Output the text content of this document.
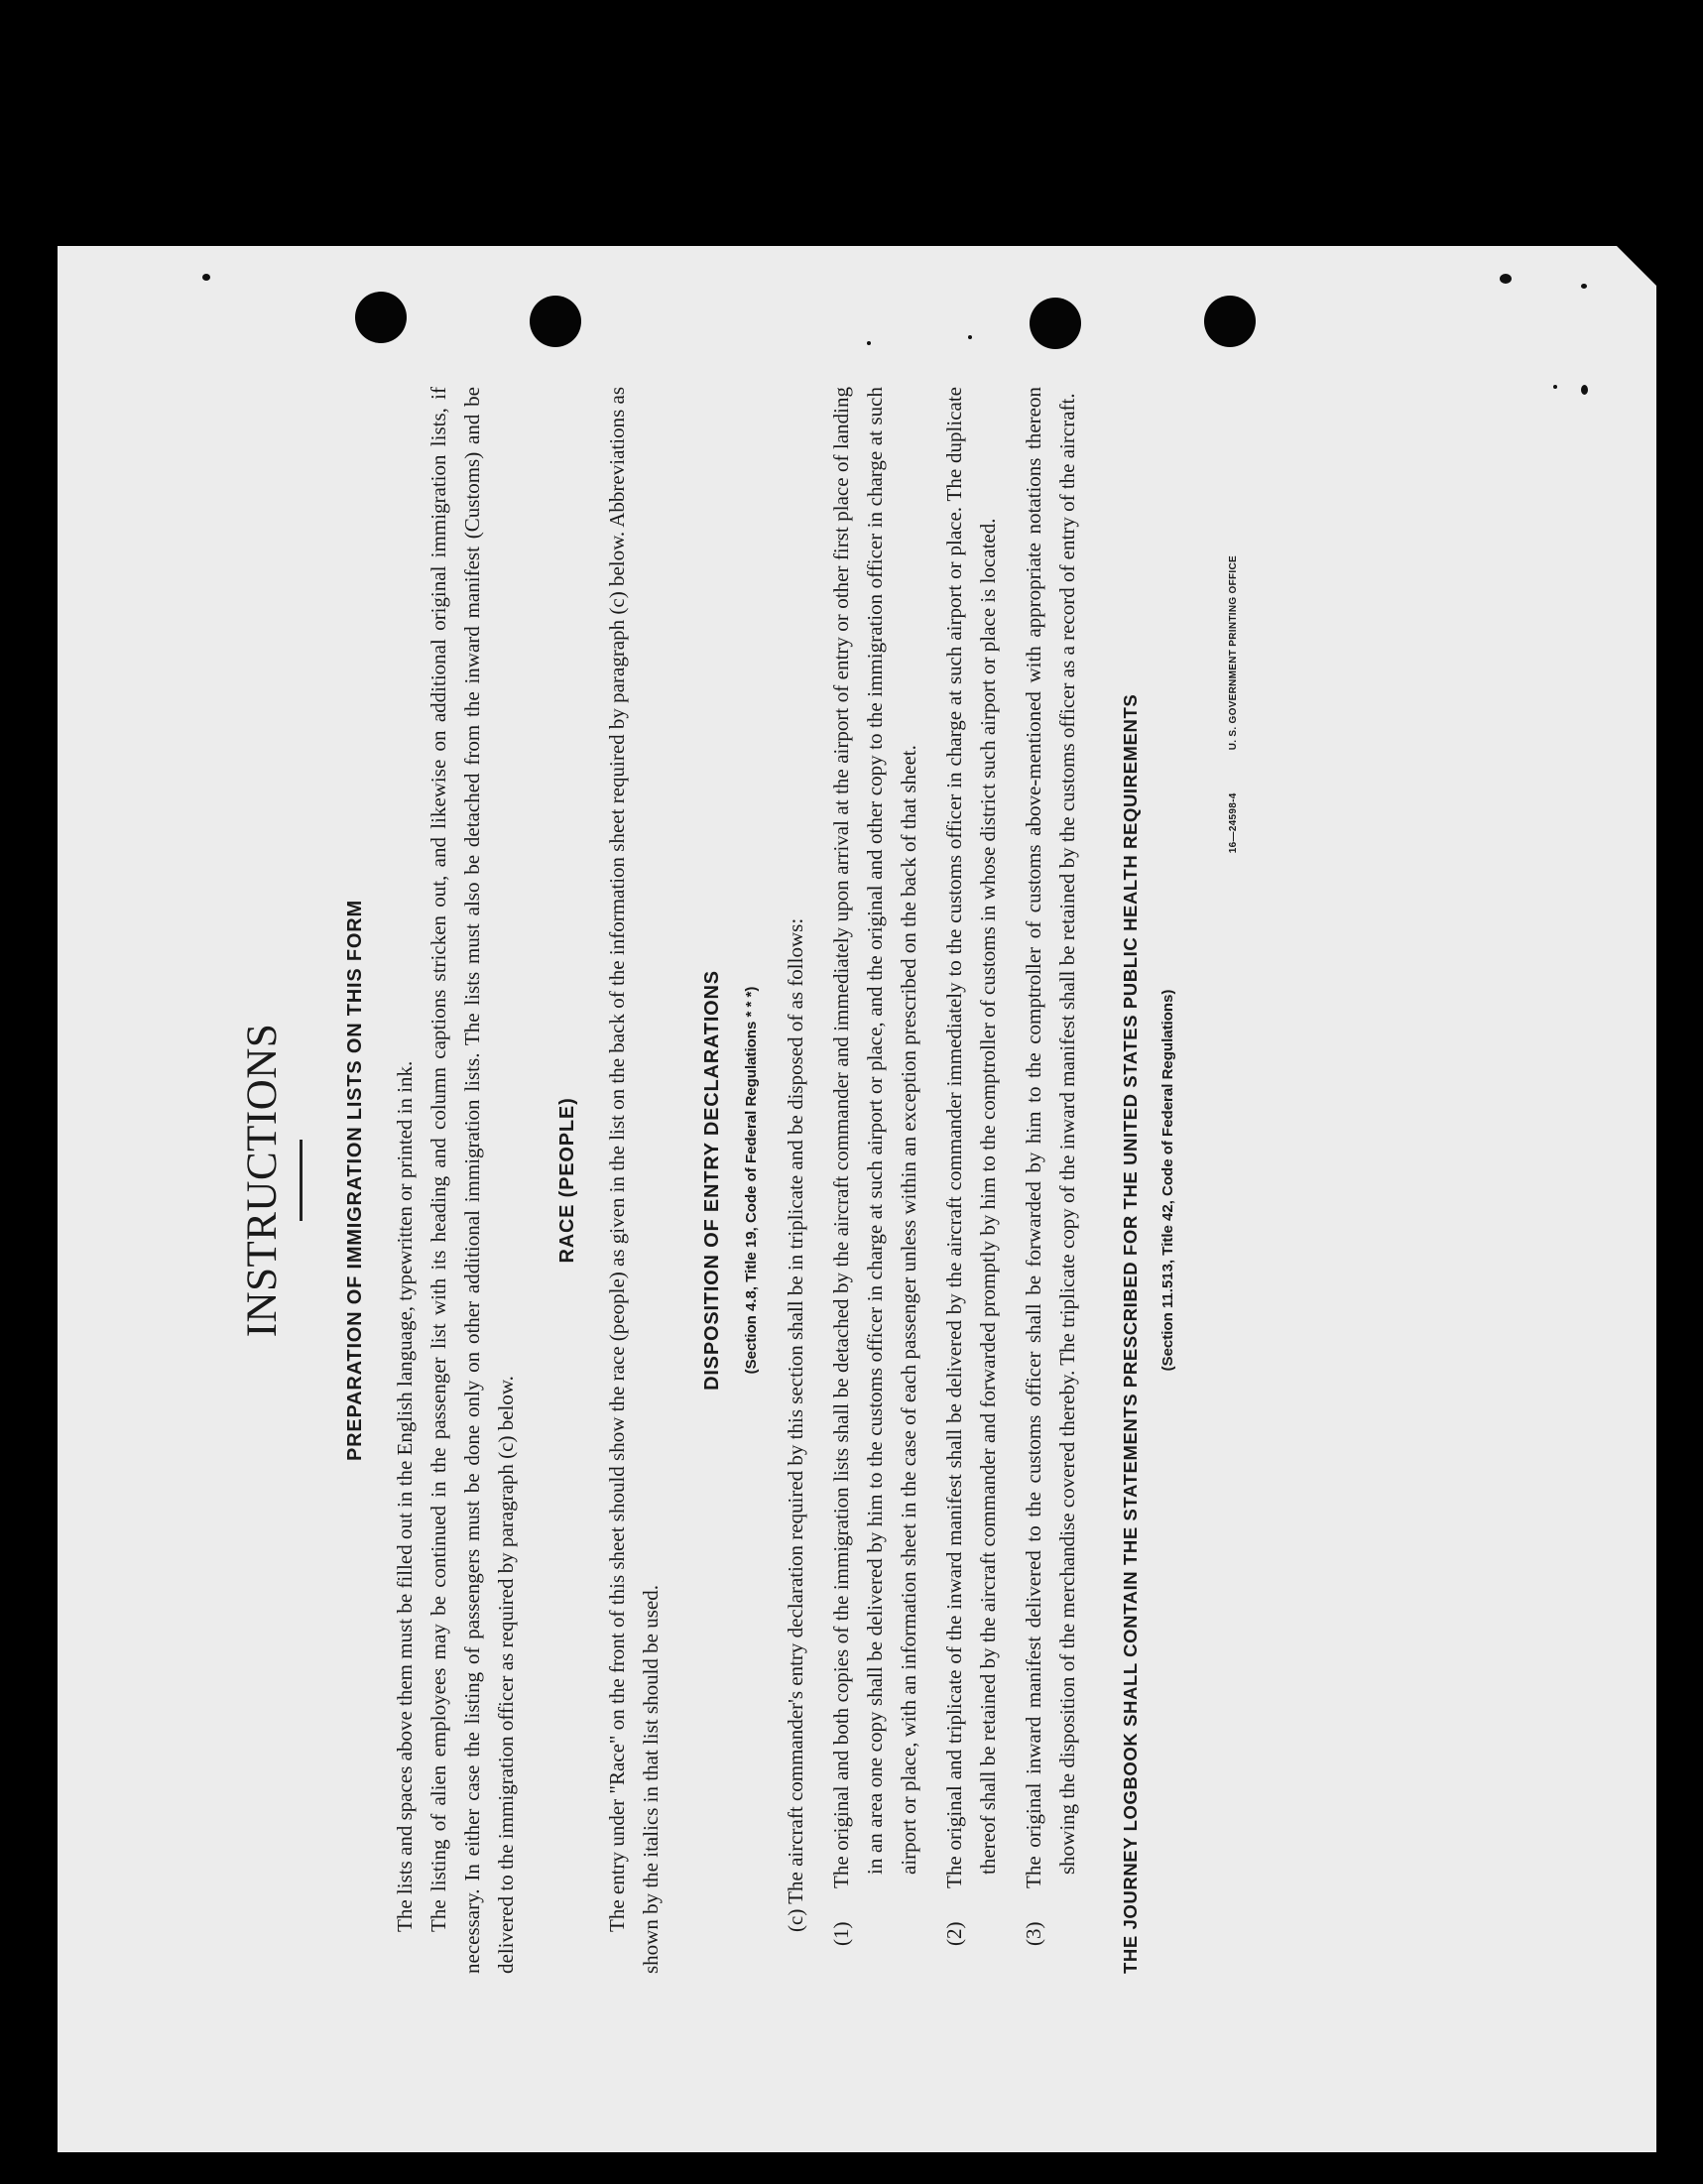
INSTRUCTIONS	PREPARATION OF IMMIGRATION LISTS ON THIS FORM The lists and spaces above them must be filled out in the English language, typewritten or printed in ink. The listing of alien employees may be continued in the passenger list with its heading and column captions stricken out, and likewise on additional original immigration lists, if necessary. In either case the listing of passengers must be done only on other additional immigration lists. The lists must also be detached from the inward manifest (Customs) and be delivered to the immigration officer as required by paragraph (c) below.

RACE (PEOPLE) The entry under "Race" on the front of this sheet should show the race (people) as given in the list on the back of the information sheet required by paragraph (c) below. Abbreviations as shown by the italics in that list should be used.

DISPOSITION OF ENTRY DECLARATIONS	(Section 4.8, Title 19, Code of Federal Regulations * * *)

(c) The aircraft commander's entry declaration required by this section shall be in triplicate and be disposed of as follows:

(1)
The original and both copies of the immigration lists shall be detached by the aircraft commander and immediately upon arrival at the airport of entry or other first place of landing in an area one copy shall be delivered by him to the customs officer in charge at such airport or place, and the original and other copy to the immigration officer in charge at such airport or place, with an information sheet in the case of each passenger unless within an exception prescribed on the back of that sheet.
(2)
The original and triplicate of the inward manifest shall be delivered by the aircraft commander immediately to the customs officer in charge at such airport or place. The duplicate thereof shall be retained by the aircraft commander and forwarded promptly by him to the comptroller of customs in whose district such airport or place is located.
(3)
The original inward manifest delivered to the customs officer shall be forwarded by him to the comptroller of customs above-mentioned with appropriate notations thereon showing the disposition of the merchandise covered thereby. The triplicate copy of the inward manifest shall be retained by the customs officer as a record of entry of the aircraft.	THE JOURNEY LOGBOOK SHALL CONTAIN THE STATEMENTS PRESCRIBED FOR THE UNITED STATES PUBLIC HEALTH REQUIREMENTS	(Section 11.513, Title 42, Code of Federal Regulations)

16—24598-4 U. S. GOVERNMENT PRINTING OFFICE
